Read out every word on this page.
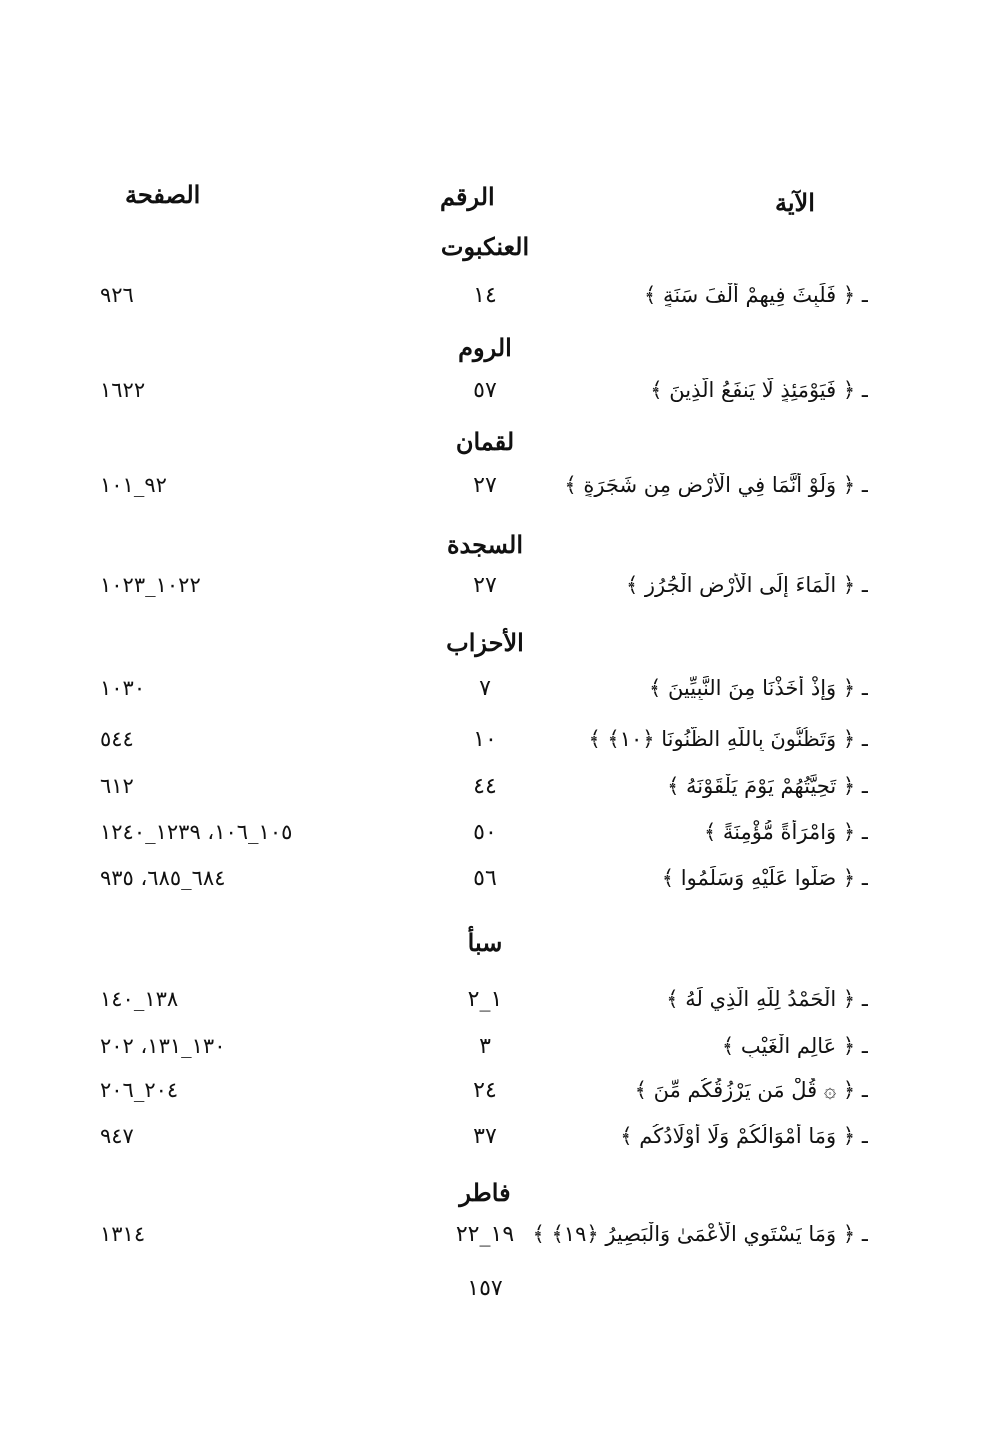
الآية
الرقم
الصفحة
العنكبوت
ـ ﴿ فَلَبِثَ فِيهِمْ أَلْفَ سَنَةٍ ﴾
١٤
٩٢٦
الروم
ـ ﴿ فَيَوْمَئِذٍ لَّا يَنفَعُ الَّذِينَ ﴾
٥٧
١٦٢٢
لقمان
ـ ﴿ وَلَوْ أَنَّمَا فِي الْأَرْضِ مِن شَجَرَةٍ ﴾
٢٧
٩٢_١٠١
السجدة
ـ ﴿ الْمَاءَ إِلَى الْأَرْضِ الْجُرُزِ ﴾
٢٧
١٠٢٢_١٠٢٣
الأحزاب
ـ ﴿ وَإِذْ أَخَذْنَا مِنَ النَّبِيِّينَ ﴾
٧
١٠٣٠
ـ ﴿ وَتَظُنُّونَ بِاللَّهِ الظُّنُونَا ﴿١٠﴾ ﴾
١٠
٥٤٤
ـ ﴿ تَحِيَّتُهُمْ يَوْمَ يَلْقَوْنَهُ ﴾
٤٤
٦١٢
ـ ﴿ وَامْرَأَةً مُّؤْمِنَةً ﴾
٥٠
١٠٥_١٠٦، ١٢٣٩_١٢٤٠
ـ ﴿ صَلُّوا عَلَيْهِ وَسَلِّمُوا ﴾
٥٦
٦٨٤_٦٨٥، ٩٣٥
سبأ
ـ ﴿ الْحَمْدُ لِلَّهِ الَّذِي لَهُ ﴾
١_٢
١٣٨_١٤٠
ـ ﴿ عَالِمِ الْغَيْبِ ﴾
٣
١٣٠_١٣١، ٢٠٢
ـ ﴿ ۞ قُلْ مَن يَرْزُقُكُم مِّنَ ﴾
٢٤
٢٠٤_٢٠٦
ـ ﴿ وَمَا أَمْوَالُكُمْ وَلَا أَوْلَادُكُم ﴾
٣٧
٩٤٧
فاطر
ـ ﴿ وَمَا يَسْتَوِي الْأَعْمَىٰ وَالْبَصِيرُ ﴿١٩﴾ ﴾
١٩_٢٢
١٣١٤
١٥٧
